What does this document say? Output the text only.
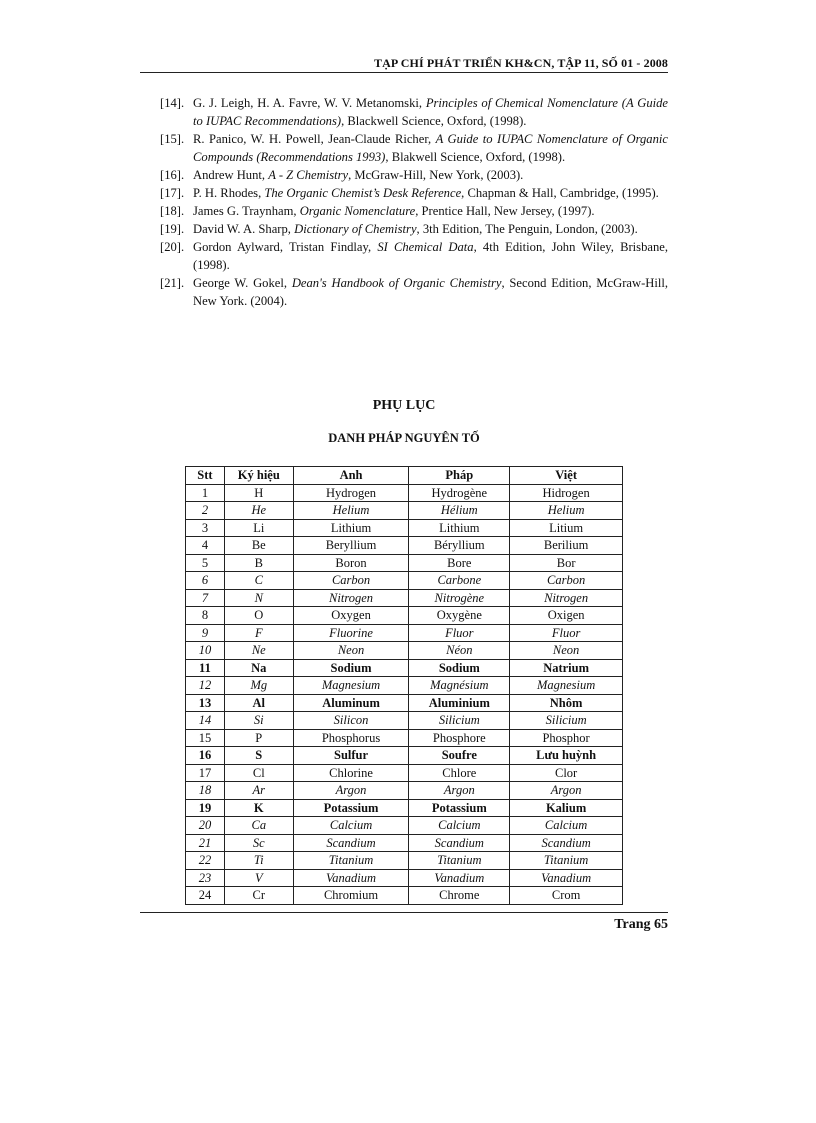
TẠP CHÍ PHÁT TRIỂN KH&CN, TẬP 11, SỐ 01 - 2008
[14]. G. J. Leigh, H. A. Favre, W. V. Metanomski, Principles of Chemical Nomenclature (A Guide to IUPAC Recommendations), Blackwell Science, Oxford, (1998).
[15]. R. Panico, W. H. Powell, Jean-Claude Richer, A Guide to IUPAC Nomenclature of Organic Compounds (Recommendations 1993), Blakwell Science, Oxford, (1998).
[16]. Andrew Hunt, A - Z Chemistry, McGraw-Hill, New York, (2003).
[17]. P. H. Rhodes, The Organic Chemist’s Desk Reference, Chapman & Hall, Cambridge, (1995).
[18]. James G. Traynham, Organic Nomenclature, Prentice Hall, New Jersey, (1997).
[19]. David W. A. Sharp, Dictionary of Chemistry, 3th Edition, The Penguin, London, (2003).
[20]. Gordon Aylward, Tristan Findlay, SI Chemical Data, 4th Edition, John Wiley, Brisbane, (1998).
[21]. George W. Gokel, Dean's Handbook of Organic Chemistry, Second Edition, McGraw-Hill, New York. (2004).
PHỤ LỤC
DANH PHÁP NGUYÊN TỐ
Stt	Ký hiệu	Anh	Pháp	Việt
1	H	Hydrogen	Hydrogène	Hidrogen
2	He	Helium	Hélium	Helium
3	Li	Lithium	Lithium	Litium
4	Be	Beryllium	Béryllium	Berilium
5	B	Boron	Bore	Bor
6	C	Carbon	Carbone	Carbon
7	N	Nitrogen	Nitrogène	Nitrogen
8	O	Oxygen	Oxygène	Oxigen
9	F	Fluorine	Fluor	Fluor
10	Ne	Neon	Néon	Neon
11	Na	Sodium	Sodium	Natrium
12	Mg	Magnesium	Magnésium	Magnesium
13	Al	Aluminum	Aluminium	Nhôm
14	Si	Silicon	Silicium	Silicium
15	P	Phosphorus	Phosphore	Phosphor
16	S	Sulfur	Soufre	Lưu huỳnh
17	Cl	Chlorine	Chlore	Clor
18	Ar	Argon	Argon	Argon
19	K	Potassium	Potassium	Kalium
20	Ca	Calcium	Calcium	Calcium
21	Sc	Scandium	Scandium	Scandium
22	Ti	Titanium	Titanium	Titanium
23	V	Vanadium	Vanadium	Vanadium
24	Cr	Chromium	Chrome	Crom
Trang 65
